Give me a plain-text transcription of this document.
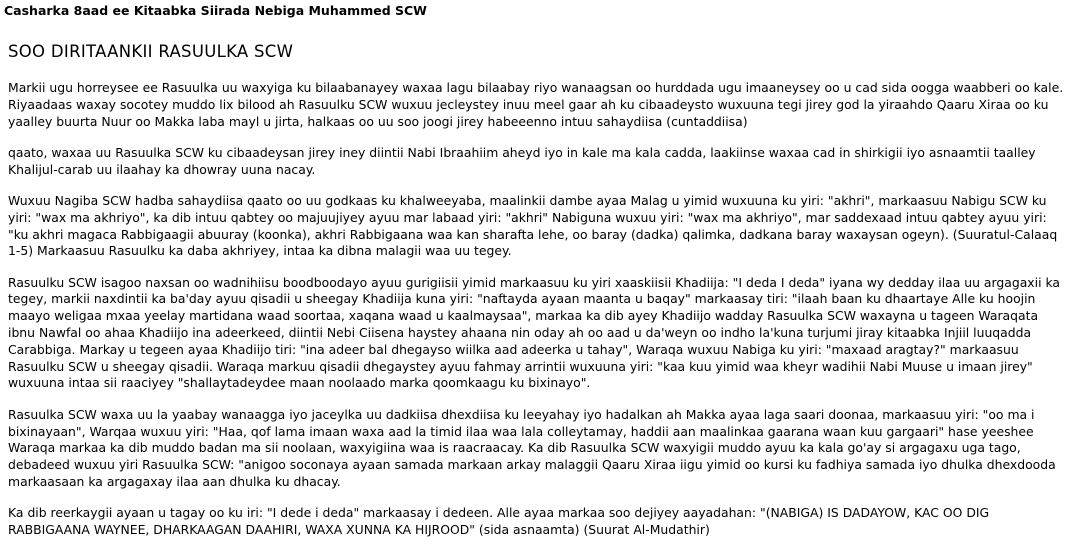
Casharka 8aad ee Kitaabka Siirada Nebiga Muhammed SCW
SOO DIRITAANKII RASUULKA SCW

Markii ugu horreysee ee Rasuulka uu waxyiga ku bilaabanayey waxaa lagu bilaabay riyo wanaagsan oo hurddada ugu imaaneysey oo u cad sida oogga waabberi oo kale. Riyaadaas waxay socotey muddo lix bilood ah Rasuulku SCW wuxuu jecleystey inuu meel gaar ah ku cibaadeysto wuxuuna tegi jirey god la yiraahdo Qaaru Xiraa oo ku yaalley buurta Nuur oo Makka laba mayl u jirta, halkaas oo uu soo joogi jirey habeeenno intuu sahaydiisa (cuntaddiisa)

qaato, waxaa uu Rasuulka SCW ku cibaadeysan jirey iney diintii Nabi Ibraahiim aheyd iyo in kale ma kala cadda, laakiinse waxaa cad in shirkigii iyo asnaamtii taalley Khalijul-carab uu ilaahay ka dhowray uuna nacay.

Wuxuu Nagiba SCW hadba sahaydiisa qaato oo uu godkaas ku khalweeyaba, maalinkii dambe ayaa Malag u yimid wuxuuna ku yiri: "akhri", markaasuu Nabigu SCW ku yiri: "wax ma akhriyo", ka dib intuu qabtey oo majuujiyey ayuu mar labaad yiri: "akhri" Nabiguna wuxuu yiri: "wax ma akhriyo", mar saddexaad intuu qabtey ayuu yiri: "ku akhri magaca Rabbigaagii abuuray (koonka), akhri Rabbigaana waa kan sharafta lehe, oo baray (dadka) qalimka, dadkana baray waxaysan ogeyn). (Suuratul-Calaaq 1-5) Markaasuu Rasuulku ka daba akhriyey, intaa ka dibna malagii waa uu tegey.

Rasuulku SCW isagoo naxsan oo wadnihiisu boodboodayo ayuu gurigiisii yimid markaasuu ku yiri xaaskiisii Khadiija: "I deda I deda" iyana wy dedday ilaa uu argagaxii ka tegey, markii naxdintii ka ba'day ayuu qisadii u sheegay Khadiija kuna yiri: "naftayda ayaan maanta u baqay" markaasay tiri: "ilaah baan ku dhaartaye Alle ku hoojin maayo weligaa mxaa yeelay martidana waad soortaa, xaqana waad u kaalmaysaa", markaa ka dib ayey Khadiijo wadday Rasuulka SCW waxayna u tageen Waraqata ibnu Nawfal oo ahaa Khadiijo ina adeerkeed, diintii Nebi Ciisena haystey ahaana nin oday ah oo aad u da'weyn oo indho la'kuna turjumi jiray kitaabka Injiil luuqadda Carabbiga. Markay u tegeen ayaa Khadiijo tiri: "ina adeer bal dhegayso wiilka aad adeerka u tahay", Waraqa wuxuu Nabiga ku yiri: "maxaad aragtay?" markaasuu Rasuulku SCW u sheegay qisadii. Waraqa markuu qisadii dhegaystey ayuu fahmay arrintii wuxuuna yiri: "kaa kuu yimid waa kheyr wadihii Nabi Muuse u imaan jirey" wuxuuna intaa sii raaciyey "shallaytadeydee maan noolaado marka qoomkaagu ku bixinayo".

Rasuulka SCW waxa uu la yaabay wanaagga iyo jaceylka uu dadkiisa dhexdiisa ku leeyahay iyo hadalkan ah Makka ayaa laga saari doonaa, markaasuu yiri: "oo ma i bixinayaan", Warqaa wuxuu yiri: "Haa, qof lama imaan waxa aad la timid ilaa waa lala colleytamay, haddii aan maalinkaa gaarana waan kuu gargaari" hase yeeshee Waraqa markaa ka dib muddo badan ma sii noolaan, waxyigiina waa is raacraacay. Ka dib Rasuulka SCW waxyigii muddo ayuu ka kala go'ay si argagaxu uga tago, debadeed wuxuu yiri Rasuulka SCW: "anigoo soconaya ayaan samada markaan arkay malaggii Qaaru Xiraa iigu yimid oo kursi ku fadhiya samada iyo dhulka dhexdooda markaasaan ka argagaxay ilaa aan dhulka ku dhacay.

Ka dib reerkaygii ayaan u tagay oo ku iri: "I dede i deda" markaasay i dedeen. Alle ayaa markaa soo dejiyey aayadahan: "(NABIGA) IS DADAYOW, KAC OO DIG RABBIGAANA WAYNEE, DHARKAAGAN DAAHIRI, WAXA XUNNA KA HIJROOD" (sida asnaamta) (Suurat Al-Mudathir)
